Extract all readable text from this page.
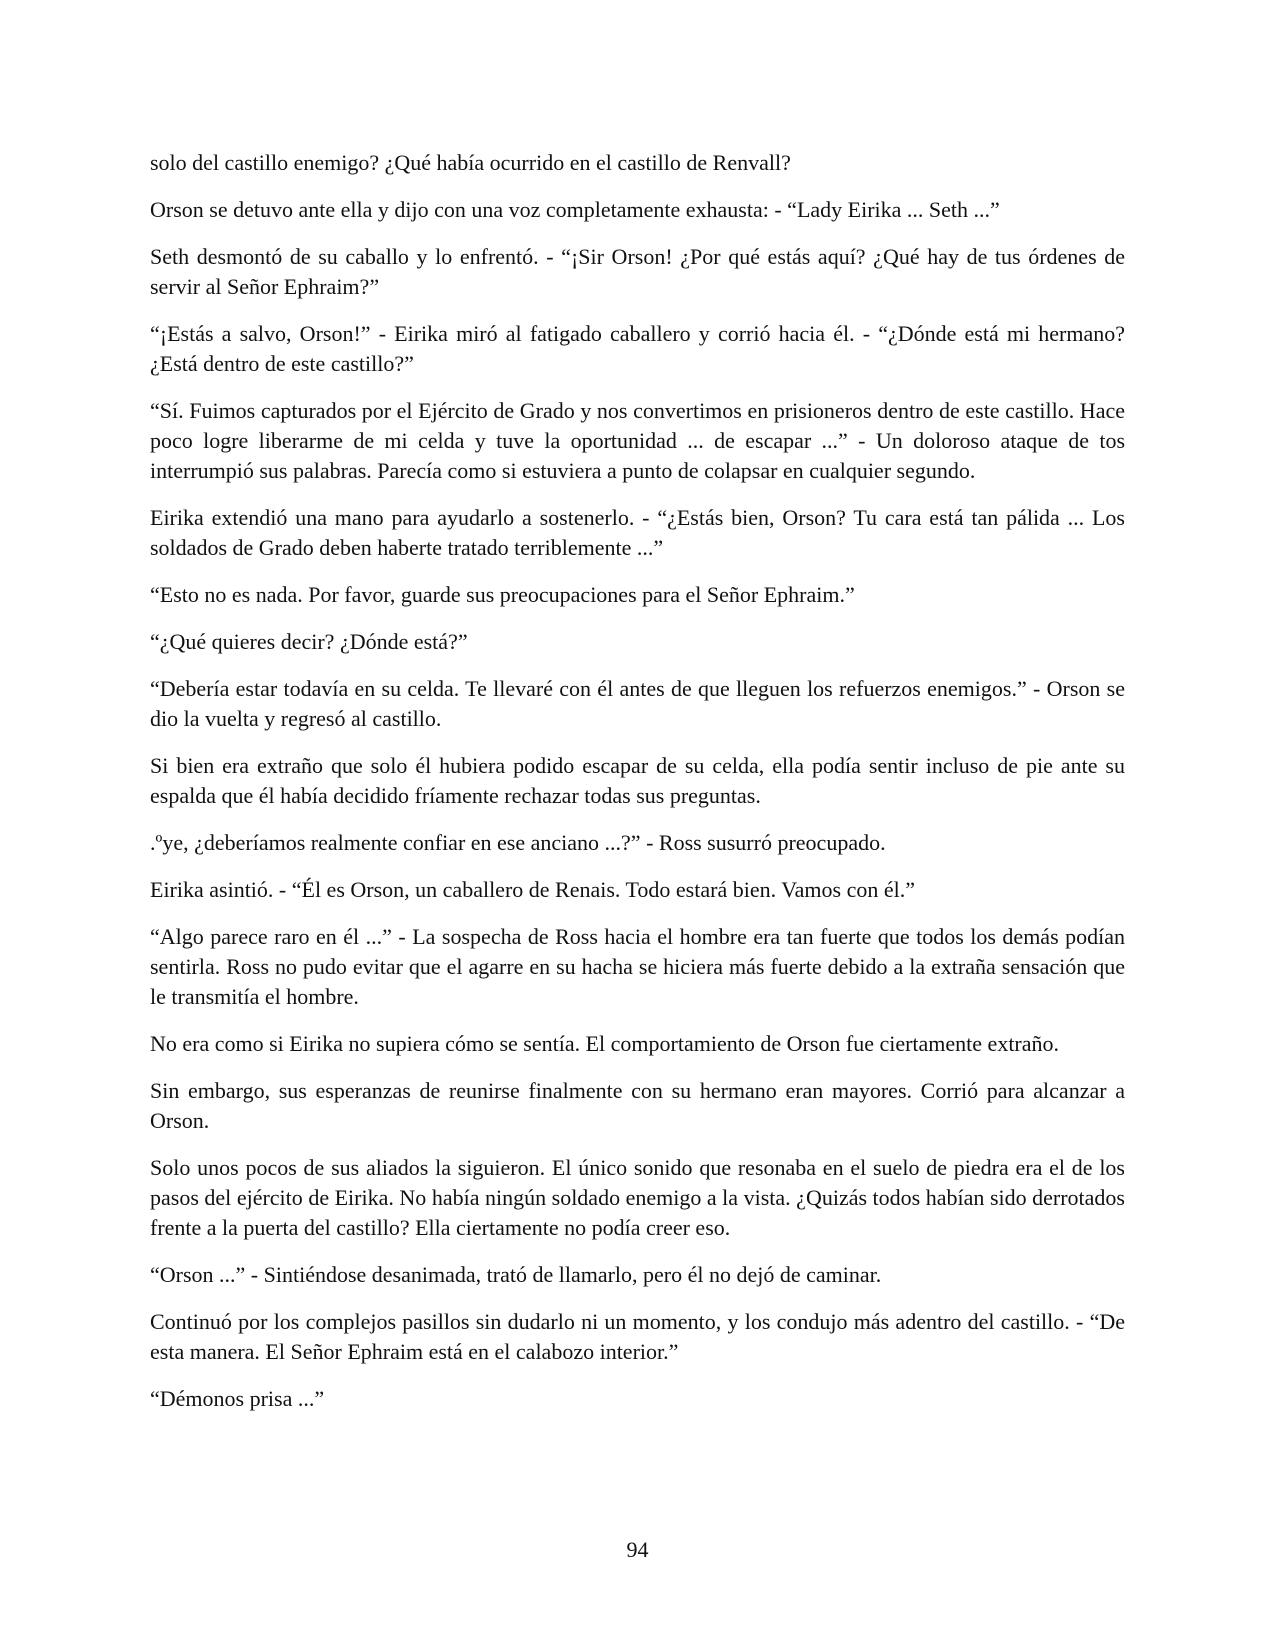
solo del castillo enemigo? ¿Qué había ocurrido en el castillo de Renvall?

Orson se detuvo ante ella y dijo con una voz completamente exhausta: - “Lady Eirika ... Seth ...”

Seth desmontó de su caballo y lo enfrentó. - “¡Sir Orson! ¿Por qué estás aquí? ¿Qué hay de tus órdenes de servir al Señor Ephraim?”

“¡Estás a salvo, Orson!” - Eirika miró al fatigado caballero y corrió hacia él. - “¿Dónde está mi hermano? ¿Está dentro de este castillo?”

“Sí. Fuimos capturados por el Ejército de Grado y nos convertimos en prisioneros dentro de este castillo. Hace poco logre liberarme de mi celda y tuve la oportunidad ... de escapar ...” - Un doloroso ataque de tos interrumpió sus palabras. Parecía como si estuviera a punto de colapsar en cualquier segundo.

Eirika extendió una mano para ayudarlo a sostenerlo. - “¿Estás bien, Orson? Tu cara está tan pálida ... Los soldados de Grado deben haberte tratado terriblemente ...”

“Esto no es nada. Por favor, guarde sus preocupaciones para el Señor Ephraim.”

“¿Qué quieres decir? ¿Dónde está?”

“Debería estar todavía en su celda. Te llevaré con él antes de que lleguen los refuerzos enemigos.” - Orson se dio la vuelta y regresó al castillo.

Si bien era extraño que solo él hubiera podido escapar de su celda, ella podía sentir incluso de pie ante su espalda que él había decidido fríamente rechazar todas sus preguntas.

.ºye, ¿deberíamos realmente confiar en ese anciano ...?” - Ross susurró preocupado.

Eirika asintió. - “Él es Orson, un caballero de Renais. Todo estará bien. Vamos con él.”

“Algo parece raro en él ...” - La sospecha de Ross hacia el hombre era tan fuerte que todos los demás podían sentirla. Ross no pudo evitar que el agarre en su hacha se hiciera más fuerte debido a la extraña sensación que le transmitía el hombre.

No era como si Eirika no supiera cómo se sentía. El comportamiento de Orson fue ciertamente extraño.

Sin embargo, sus esperanzas de reunirse finalmente con su hermano eran mayores. Corrió para alcanzar a Orson.

Solo unos pocos de sus aliados la siguieron. El único sonido que resonaba en el suelo de piedra era el de los pasos del ejército de Eirika. No había ningún soldado enemigo a la vista. ¿Quizás todos habían sido derrotados frente a la puerta del castillo? Ella ciertamente no podía creer eso.

“Orson ...” - Sintiéndose desanimada, trató de llamarlo, pero él no dejó de caminar.

Continuó por los complejos pasillos sin dudarlo ni un momento, y los condujo más adentro del castillo. - “De esta manera. El Señor Ephraim está en el calabozo interior.”

“Démonos prisa ...”

94
